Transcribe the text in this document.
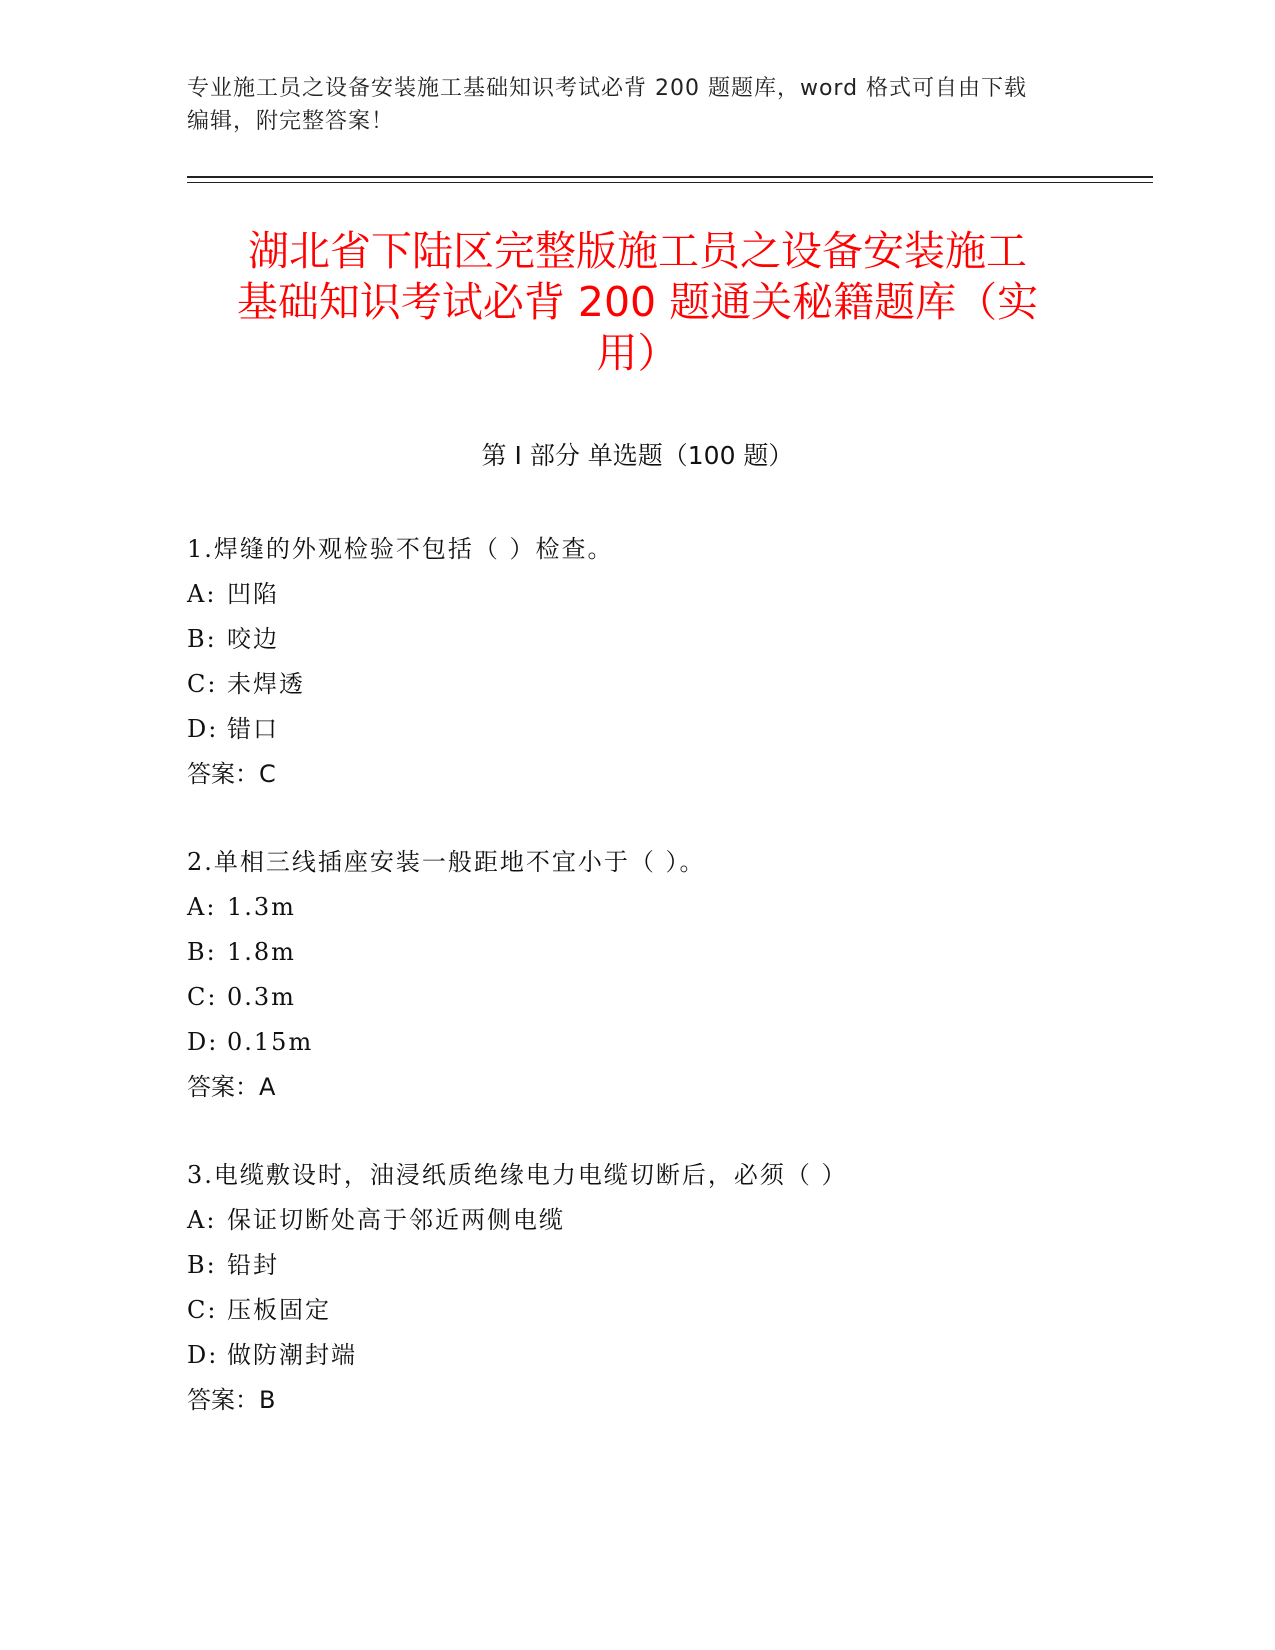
专业施工员之设备安装施工基础知识考试必背 200 题题库，word 格式可自由下载
编辑，附完整答案！
湖北省下陆区完整版施工员之设备安装施工
基础知识考试必背 200 题通关秘籍题库（实
用）
第 I 部分 单选题（100 题）
1.焊缝的外观检验不包括（ ）检查。
A: 凹陷
B: 咬边
C: 未焊透
D: 错口
答案：C
2.单相三线插座安装一般距地不宜小于（ ）。
A: 1.3m
B: 1.8m
C: 0.3m
D: 0.15m
答案：A
3.电缆敷设时，油浸纸质绝缘电力电缆切断后，必须（ ）
A: 保证切断处高于邻近两侧电缆
B: 铅封
C: 压板固定
D: 做防潮封端
答案：B
